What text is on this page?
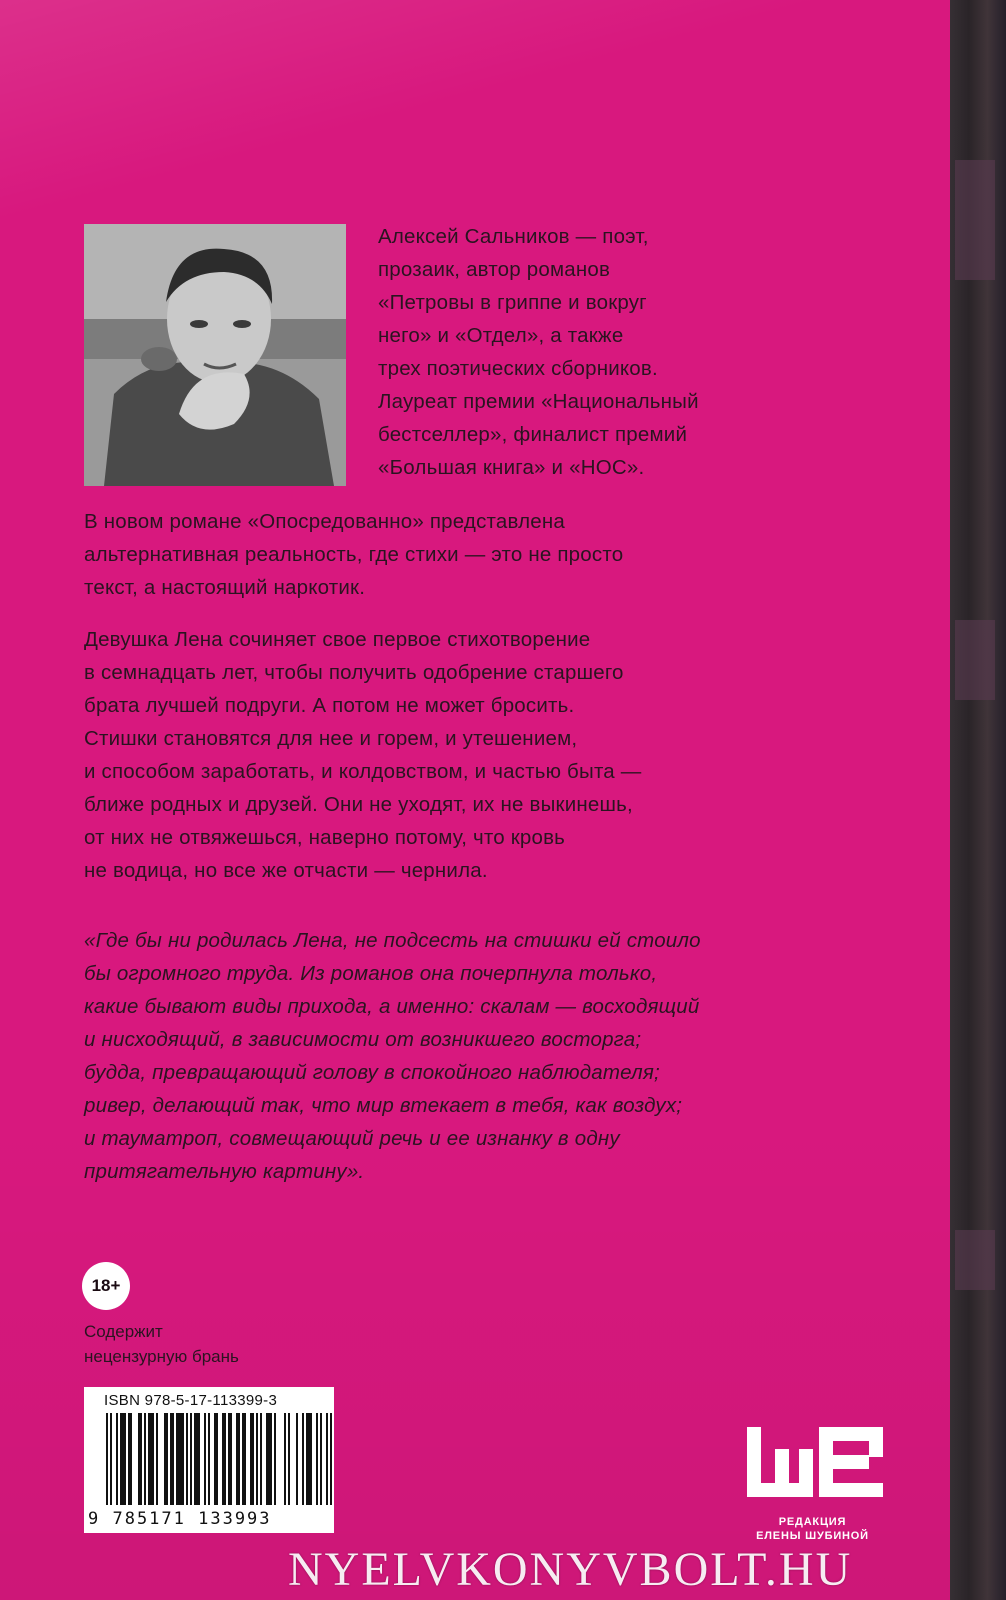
Алексей Сальников — поэт,
прозаик, автор романов
«Петровы в гриппе и вокруг
него» и «Отдел», а также
трех поэтических сборников.
Лауреат премии «Национальный
бестселлер», финалист премий
«Большая книга» и «НОС».
В новом романе «Опосредованно» представлена
альтернативная реальность, где стихи — это не просто
текст, а настоящий наркотик.
Девушка Лена сочиняет свое первое стихотворение
в семнадцать лет, чтобы получить одобрение старшего
брата лучшей подруги. А потом не может бросить.
Стишки становятся для нее и горем, и утешением,
и способом заработать, и колдовством, и частью быта —
ближе родных и друзей. Они не уходят, их не выкинешь,
от них не отвяжешься, наверно потому, что кровь
не водица, но все же отчасти — чернила.
«Где бы ни родилась Лена, не подсесть на стишки ей стоило
бы огромного труда. Из романов она почерпнула только,
какие бывают виды прихода, а именно: скалам — восходящий
и нисходящий, в зависимости от возникшего восторга;
будда, превращающий голову в спокойного наблюдателя;
ривер, делающий так, что мир втекает в тебя, как воздух;
и тауматроп, совмещающий речь и ее изнанку в одну
притягательную картину».
18+
Содержит
нецензурную брань
ISBN 978-5-17-113399-3
9 785171 133993	РЕДАКЦИЯ
ЕЛЕНЫ ШУБИНОЙ
NYELVKONYVBOLT.HU
